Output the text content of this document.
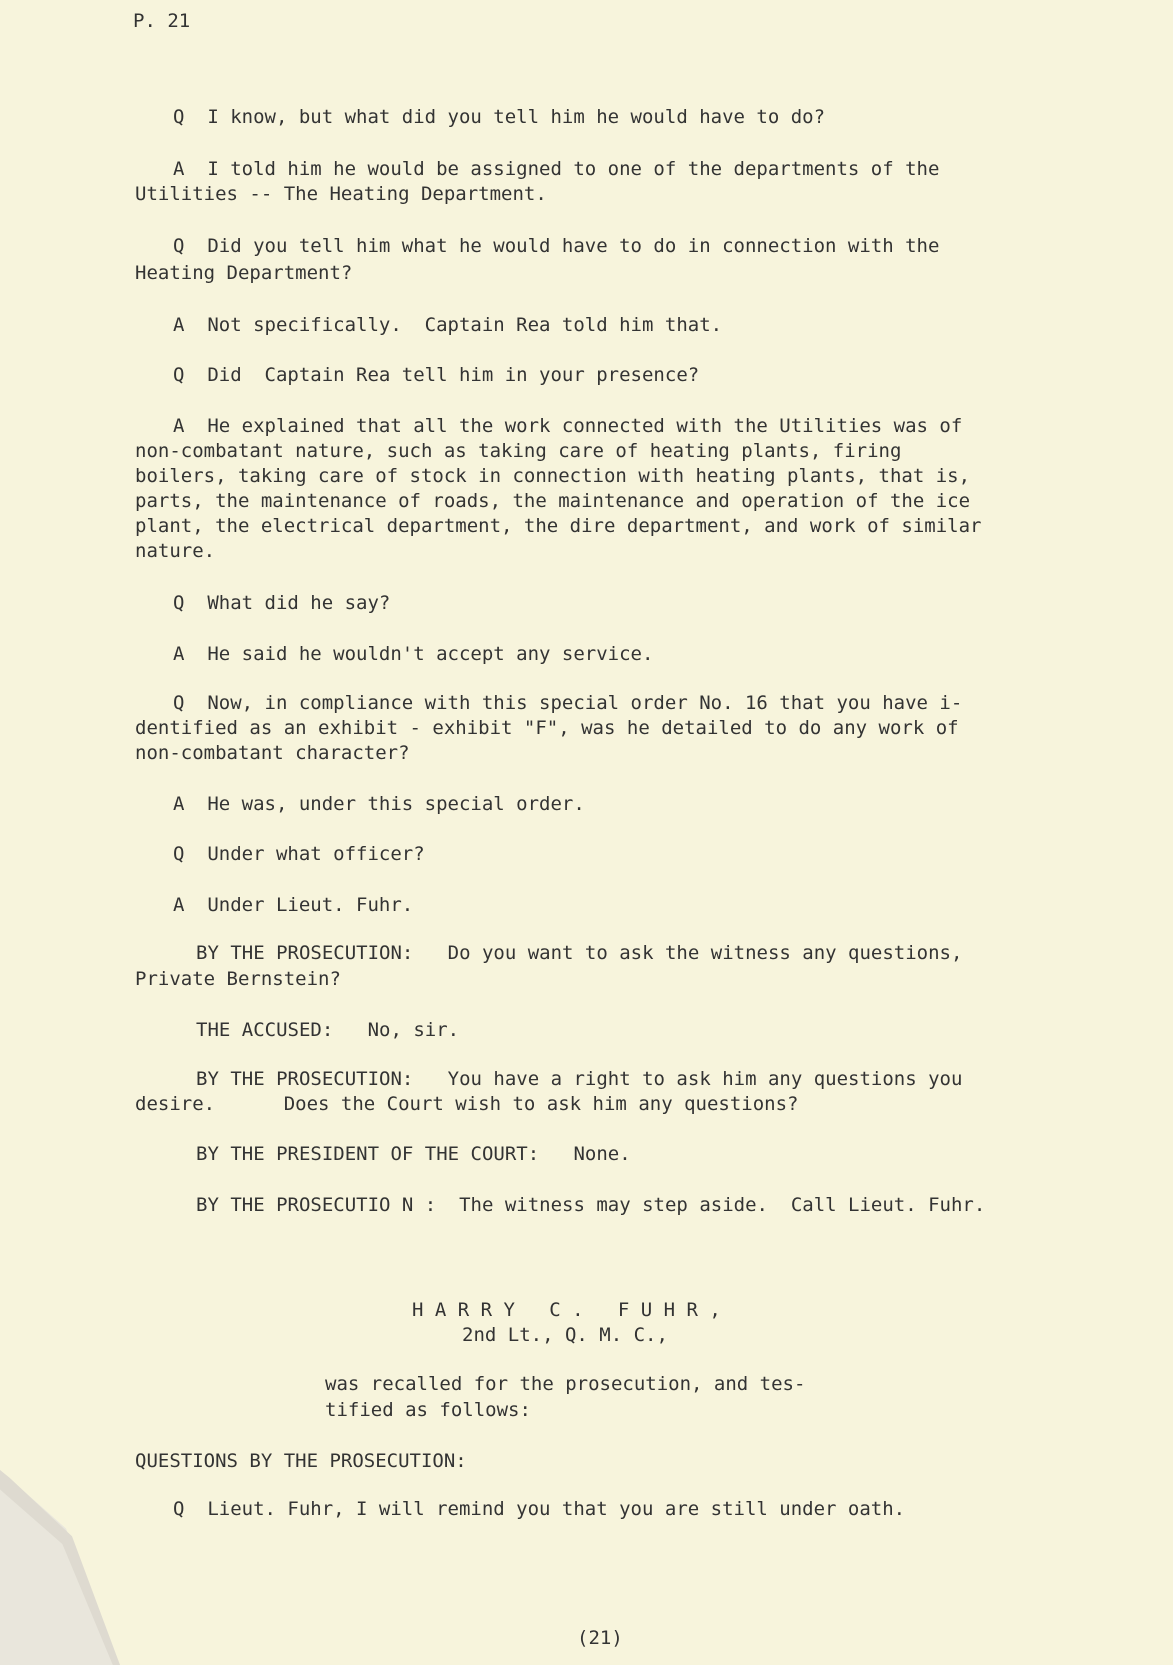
P. 21
Q  I know, but what did you tell him he would have to do?
A  I told him he would be assigned to one of the departments of the
Utilities -- The Heating Department.
Q  Did you tell him what he would have to do in connection with the
Heating Department?
A  Not specifically.  Captain Rea told him that.
Q  Did  Captain Rea tell him in your presence?
A  He explained that all the work connected with the Utilities was of
non-combatant nature, such as taking care of heating plants, firing
boilers, taking care of stock in connection with heating plants, that is,
parts, the maintenance of roads, the maintenance and operation of the ice
plant, the electrical department, the dire department, and work of similar
nature.
Q  What did he say?
A  He said he wouldn't accept any service.
Q  Now, in compliance with this special order No. 16 that you have i-
dentified as an exhibit - exhibit "F", was he detailed to do any work of
non-combatant character?
A  He was, under this special order.
Q  Under what officer?
A  Under Lieut. Fuhr.
BY THE PROSECUTION:   Do you want to ask the witness any questions,
Private Bernstein?
THE ACCUSED:   No, sir.
BY THE PROSECUTION:   You have a right to ask him any questions you
desire.      Does the Court wish to ask him any questions?
BY THE PRESIDENT OF THE COURT:   None.
BY THE PROSECUTIO N :  The witness may step aside.  Call Lieut. Fuhr.
H A R R Y   C .   F U H R ,
2nd Lt., Q. M. C.,
was recalled for the prosecution, and tes-
tified as follows:
QUESTIONS BY THE PROSECUTION:
Q  Lieut. Fuhr, I will remind you that you are still under oath.
(21)
